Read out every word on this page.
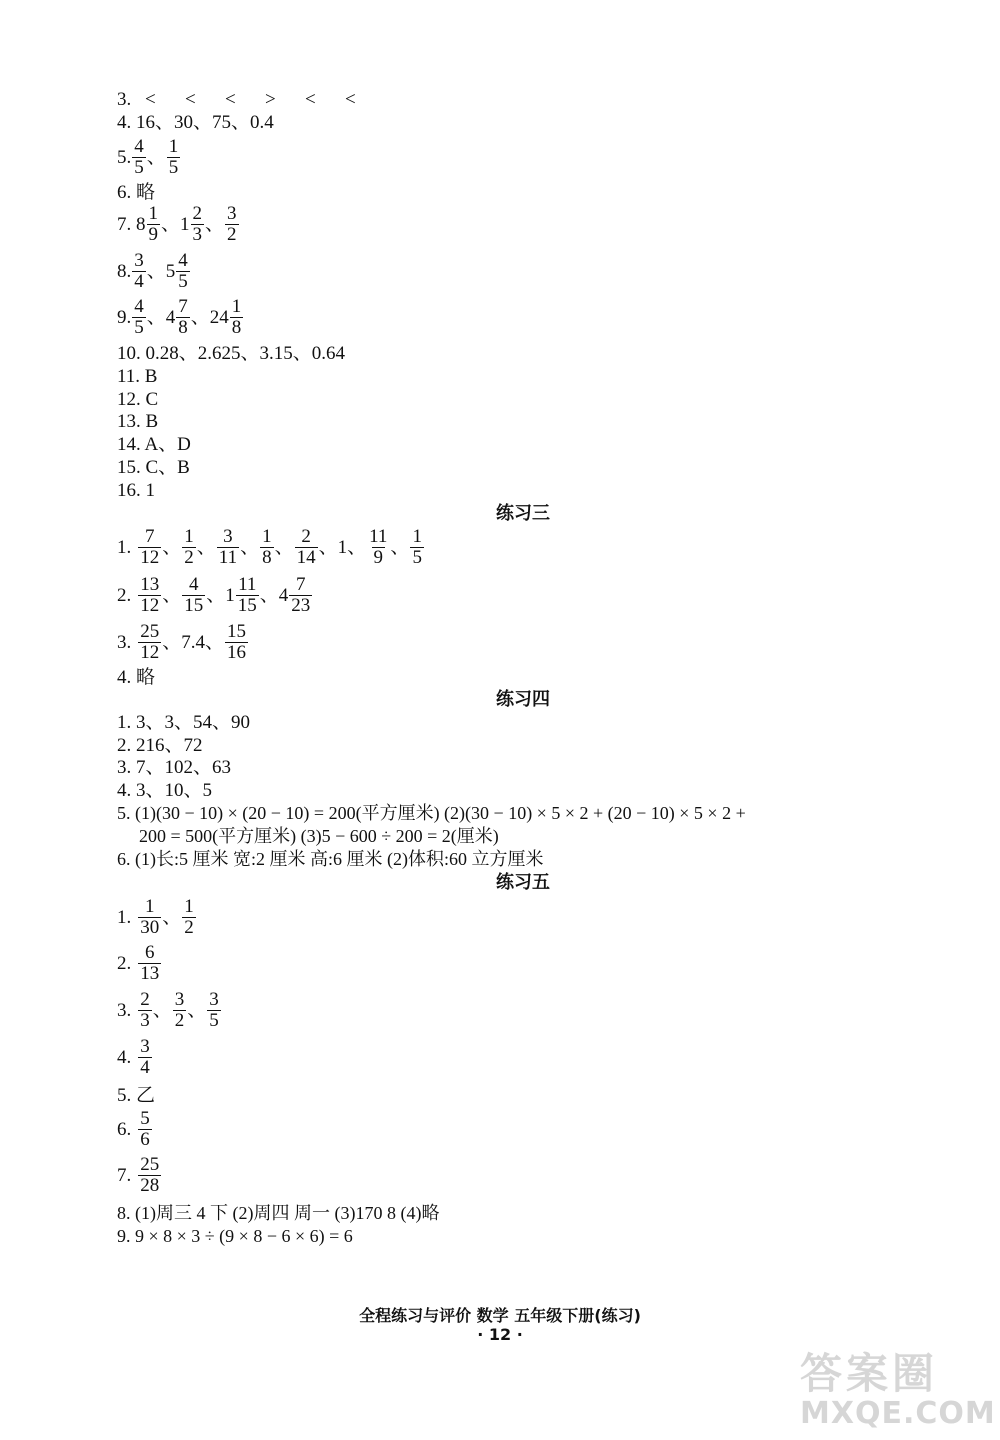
3. < < < > < <
4. 16、30、75、0.4
5. $\frac{4}{5}$ 、 $\frac{1}{5}$
6. 略
7. $8 \frac{1}{9}$ 、$1 \frac{2}{3}$ 、 $\frac{3}{2}$
8. $\frac{3}{4}$ 、$5 \frac{4}{5}$
9. $\frac{4}{5}$ 、$4 \frac{7}{8}$ 、$24 \frac{1}{8}$
10. 0.28、2.625、3.15、0.64
11. B
12. C
13. B
14. A、D
15. C、B
16. 1
练习三
1. $\frac{7}{12}$ 、 $\frac{1}{2}$ 、 $\frac{3}{11}$ 、 $\frac{1}{8}$ 、 $\frac{2}{14}$ 、1、 $\frac{11}{9}$ 、 $\frac{1}{5}$
2. $\frac{13}{12}$ 、 $\frac{4}{15}$ 、$1 \frac{11}{15}$ 、$4 \frac{7}{23}$
3. $\frac{25}{12}$ 、7.4、 $\frac{15}{16}$
4. 略
练习四
1. 3、3、54、90
2. 216、72
3. 7、102、63
4. 3、10、5
5. (1)(30 − 10) × (20 − 10) = 200(平方厘米) (2)(30 − 10) × 5 × 2 + (20 − 10) × 5 × 2 +
200 = 500(平方厘米) (3)5 − 600 ÷ 200 = 2(厘米)
6. (1)长:5 厘米 宽:2 厘米 高:6 厘米 (2)体积:60 立方厘米
练习五
1. $\frac{1}{30}$ 、 $\frac{1}{2}$
2. $\frac{6}{13}$
3. $\frac{2}{3}$ 、 $\frac{3}{2}$ 、 $\frac{3}{5}$
4. $\frac{3}{4}$
5. 乙
6. $\frac{5}{6}$
7. $\frac{25}{28}$
8. (1)周三 4 下 (2)周四 周一 (3)170 8 (4)略
9. 9 × 8 × 3 ÷ (9 × 8 − 6 × 6) = 6
全程练习与评价 数学 五年级下册(练习)
· 12 ·
答案圈
MXQE.COM
